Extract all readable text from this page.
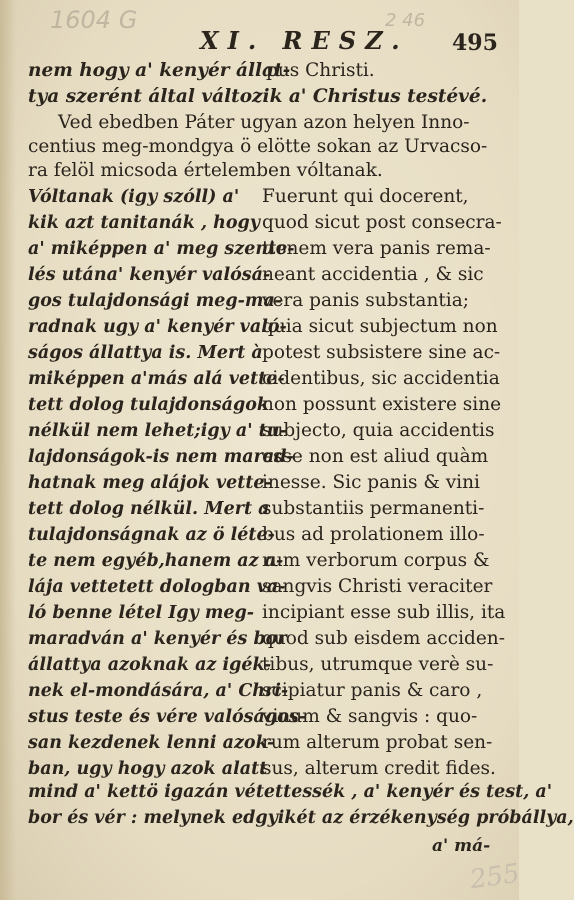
1604 G	2 46
XI. RESZ. 495
nem hogy a' kenyér állat-
pus Christi.
tya szerént által változik a' Christus testévé.
Ved ebedben Páter ugyan azon helyen Inno-
centius meg-mondgya ö elötte sokan az Urvacso-
ra felöl micsoda értelemben vóltanak.
Vóltanak (igy szóll) a'
kik azt tanitanák , hogy
a' miképpen a' meg szente-
lés utána' kenyér valósá-
gos tulajdonsági meg-ma-
radnak ugy a' kenyér való-
ságos állattya is. Mert à
miképpen a'más alá vette-
tett dolog tulajdonságok
nélkül nem lehet;igy a' tu-
lajdonságok-is nem marad-
hatnak meg alájok vette-
tett dolog nélkül. Mert a
tulajdonságnak az ö léte-
te nem egyéb,hanem az a-
lája vettetett dologban va-
ló benne létel Igy meg-
maradván a' kenyér és bor
állattya azoknak az igék-
nek el-mondására, a' Chri-
stus teste és vére valóságos-
san kezdenek lenni azok-
ban, ugy hogy azok alatt
Fuerunt qui docerent,
quod sicut post consecra-
tionem vera panis rema-
neant accidentia , & sic
vera panis substantia;
quia sicut subjectum non
potest subsistere sine ac-
cidentibus, sic accidentia
non possunt existere sine
subjecto, quia accidentis
esse non est aliud quàm
inesse. Sic panis & vini
substantiis permanenti-
bus ad prolationem illo-
rum verborum corpus &
sangvis Christi veraciter
incipiant esse sub illis, ita
quod sub eisdem acciden-
tibus, utrumque verè su-
scipiatur panis & caro ,
vinum & sangvis : quo-
rum alterum probat sen-
sus, alterum credit fides.
bor és vér : melynek edgyikét az érzékenység próbállya,
a' má-
255
mind a' kettö igazán vétettessék , a' kenyér és test, a'
